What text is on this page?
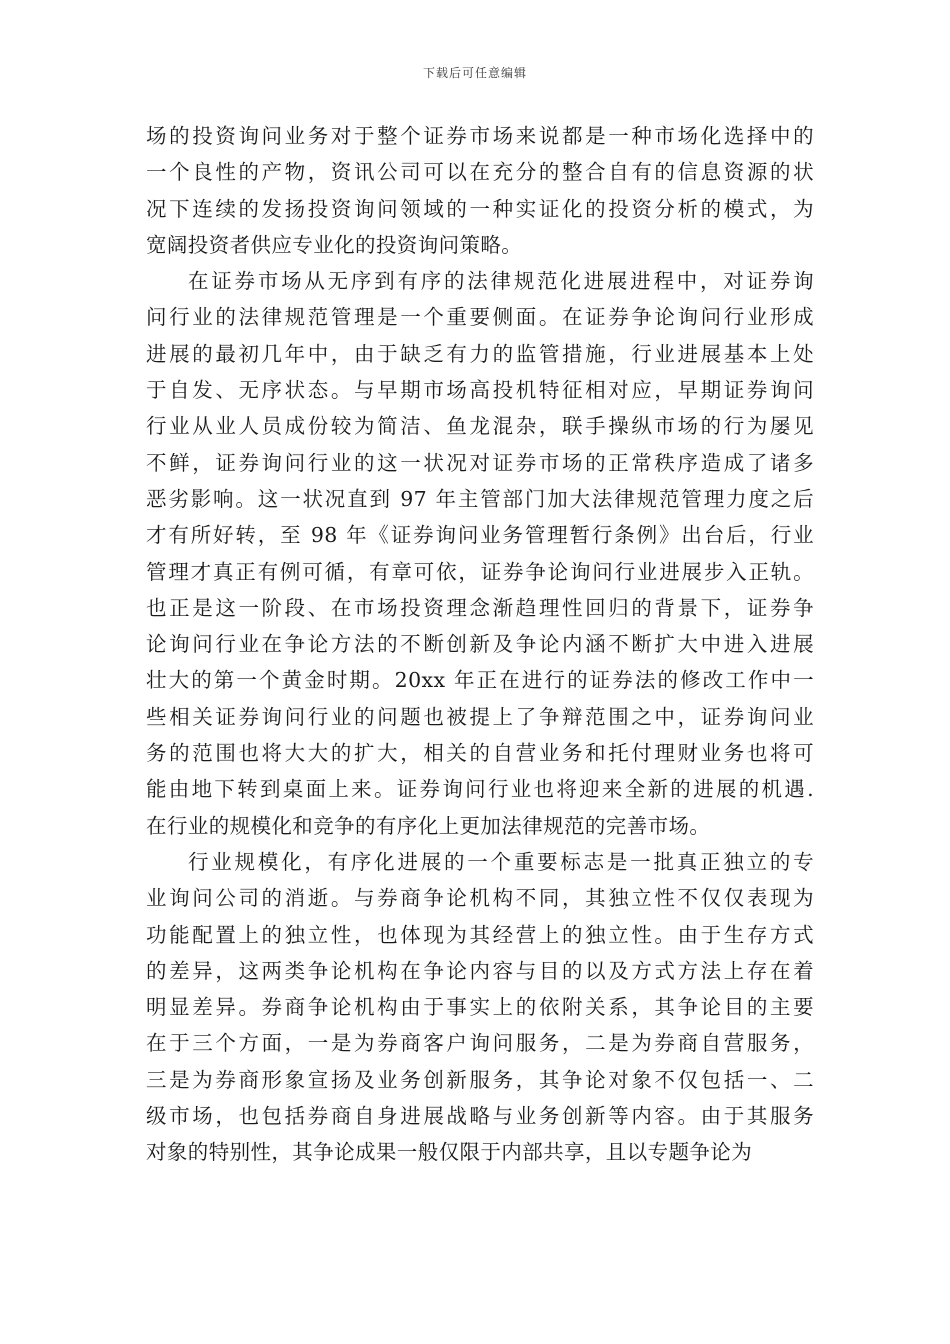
下载后可任意编辑
场的投资询问业务对于整个证券市场来说都是一种市场化选择中的
一个良性的产物，资讯公司可以在充分的整合自有的信息资源的状
况下连续的发扬投资询问领域的一种实证化的投资分析的模式，为
宽阔投资者供应专业化的投资询问策略。
在证券市场从无序到有序的法律规范化进展进程中，对证券询
问行业的法律规范管理是一个重要侧面。在证券争论询问行业形成
进展的最初几年中，由于缺乏有力的监管措施，行业进展基本上处
于自发、无序状态。与早期市场高投机特征相对应，早期证券询问
行业从业人员成份较为简洁、鱼龙混杂，联手操纵市场的行为屡见
不鲜，证券询问行业的这一状况对证券市场的正常秩序造成了诸多
恶劣影响。这一状况直到 97 年主管部门加大法律规范管理力度之后
才有所好转，至 98 年《证券询问业务管理暂行条例》出台后，行业
管理才真正有例可循，有章可依，证券争论询问行业进展步入正轨。
也正是这一阶段、在市场投资理念渐趋理性回归的背景下，证券争
论询问行业在争论方法的不断创新及争论内涵不断扩大中进入进展
壮大的第一个黄金时期。20xx 年正在进行的证券法的修改工作中一
些相关证券询问行业的问题也被提上了争辩范围之中，证券询问业
务的范围也将大大的扩大，相关的自营业务和托付理财业务也将可
能由地下转到桌面上来。证券询问行业也将迎来全新的进展的机遇.
在行业的规模化和竞争的有序化上更加法律规范的完善市场。
行业规模化，有序化进展的一个重要标志是一批真正独立的专
业询问公司的消逝。与券商争论机构不同，其独立性不仅仅表现为
功能配置上的独立性，也体现为其经营上的独立性。由于生存方式
的差异，这两类争论机构在争论内容与目的以及方式方法上存在着
明显差异。券商争论机构由于事实上的依附关系，其争论目的主要
在于三个方面，一是为券商客户询问服务，二是为券商自营服务，
三是为券商形象宣扬及业务创新服务，其争论对象不仅包括一、二
级市场，也包括券商自身进展战略与业务创新等内容。由于其服务
对象的特别性，其争论成果一般仅限于内部共享，且以专题争论为
